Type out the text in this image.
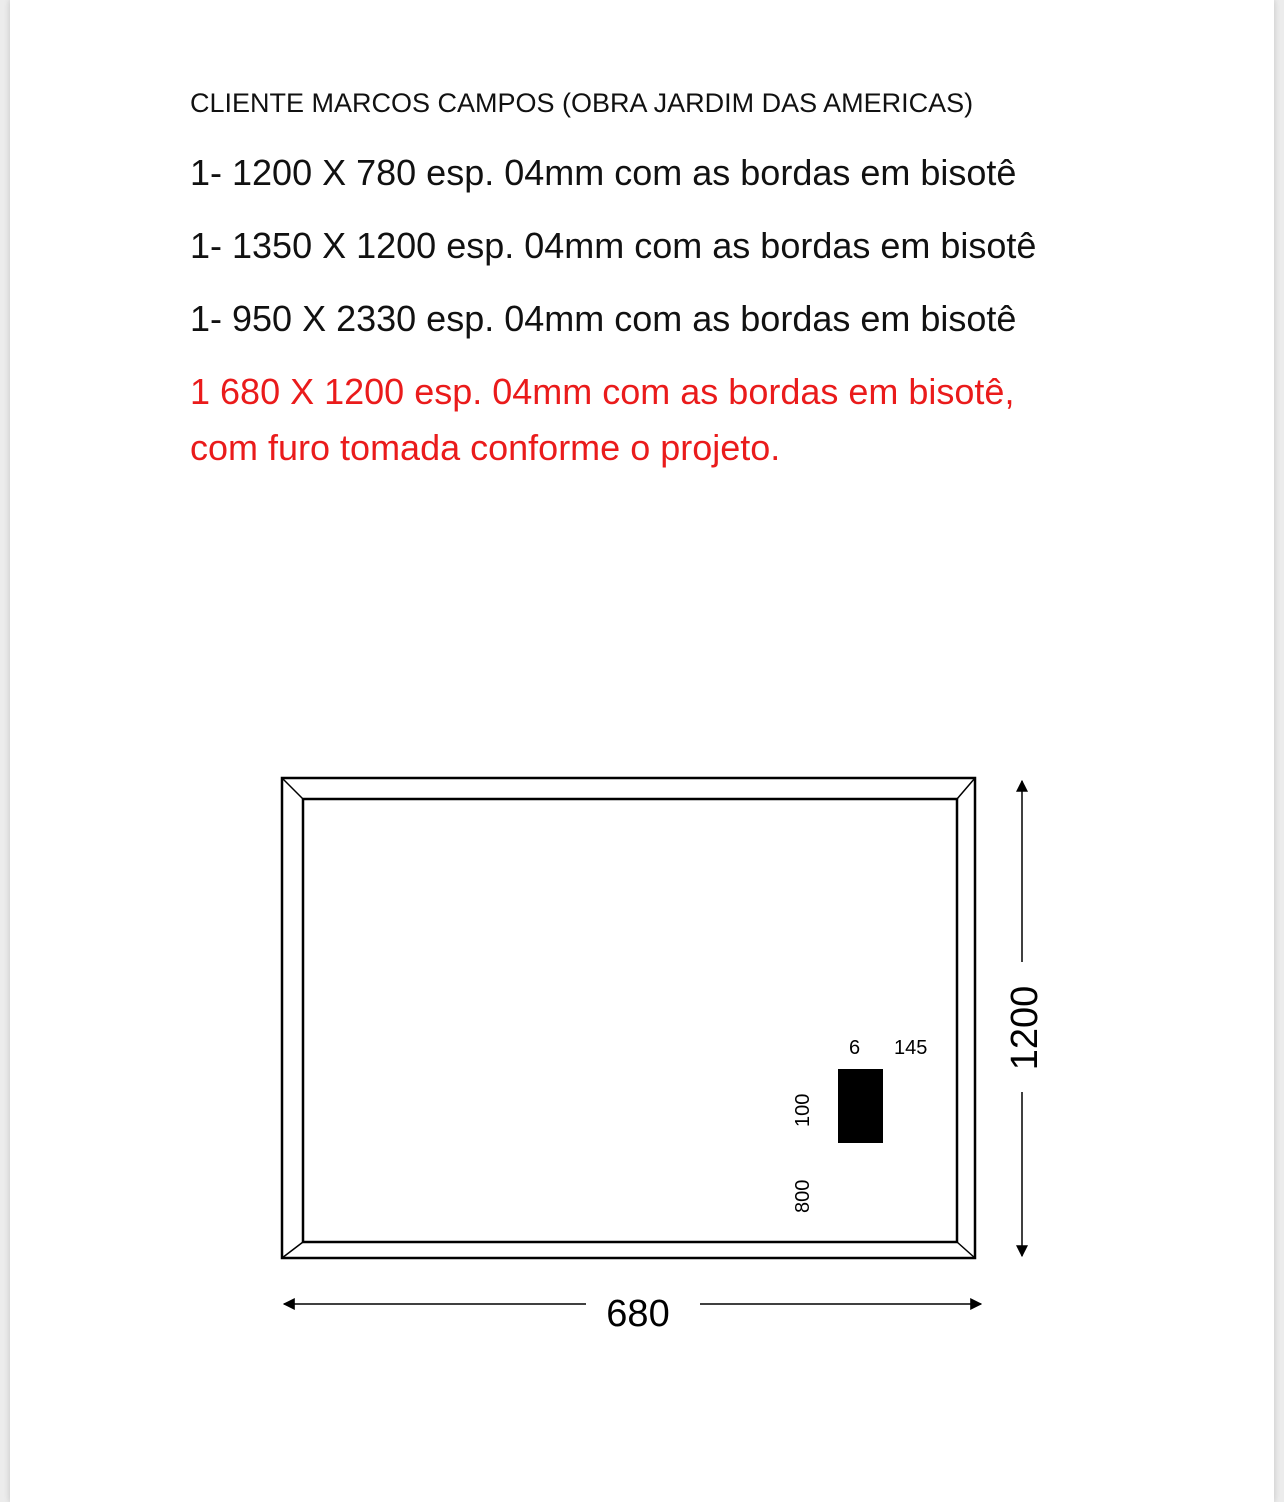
CLIENTE MARCOS CAMPOS (OBRA JARDIM DAS AMERICAS)
1- 1200 X 780 esp. 04mm com as bordas em bisotê
1- 1350 X 1200 esp. 04mm com as bordas em bisotê
1- 950 X 2330 esp. 04mm com as bordas em bisotê
1 680 X 1200 esp. 04mm com as bordas em bisotê,
com furo tomada conforme o projeto.
6 145
100
800
680
1200
